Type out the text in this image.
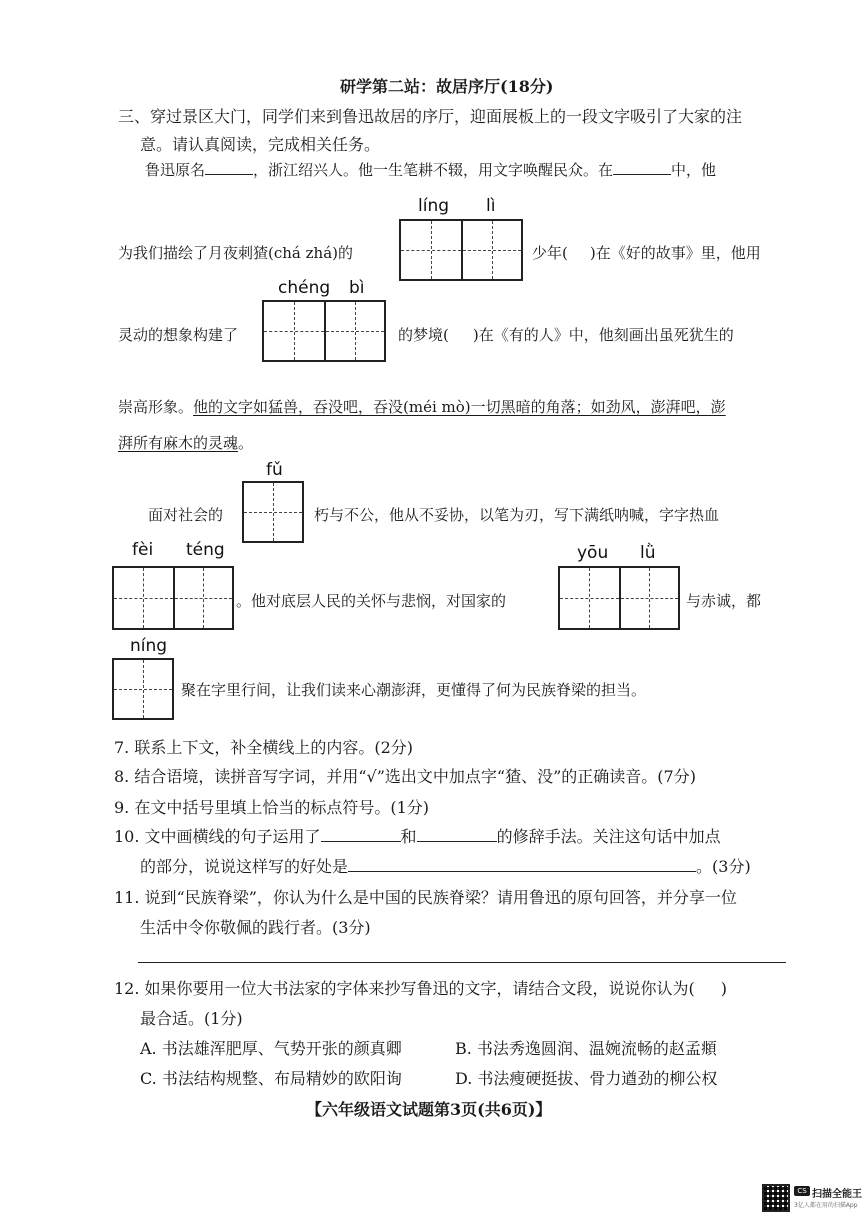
研学第二站：故居序厅(18分)
三、穿过景区大门，同学们来到鲁迅故居的序厅，迎面展板上的一段文字吸引了大家的注
意。请认真阅读，完成相关任务。
鲁迅原名	，浙江绍兴人。他一生笔耕不辍，用文字唤醒民众。在	中，他
líng lì
为我们描绘了月夜刺猹(chá zhá)的	少年( )在《好的故事》里，他用
chéng bì
灵动的想象构建了	的梦境( )在《有的人》中，他刻画出虽死犹生的
崇高形象。他的文字如猛兽，吞没吧，吞没(méi mò)一切黑暗的角落；如劲风，澎湃吧，澎
湃所有麻木的灵魂。
fǔ
面对社会的	朽与不公，他从不妥协，以笔为刃，写下满纸呐喊，字字热血
fèi téng	yōu lǜ
。他对底层人民的关怀与悲悯，对国家的	与赤诚，都
níng
聚在字里行间，让我们读来心潮澎湃，更懂得了何为民族脊梁的担当。
7. 联系上下文，补全横线上的内容。(2分)
8. 结合语境，读拼音写字词，并用“√”选出文中加点字“猹、没”的正确读音。(7分)
9. 在文中括号里填上恰当的标点符号。(1分)
10. 文中画横线的句子运用了	和	的修辞手法。关注这句话中加点
的部分，说说这样写的好处是	。(3分)
11. 说到“民族脊梁”，你认为什么是中国的民族脊梁？请用鲁迅的原句回答，并分享一位
生活中令你敬佩的践行者。(3分)
12. 如果你要用一位大书法家的字体来抄写鲁迅的文字，请结合文段，说说你认为( )
最合适。(1分)
A. 书法雄浑肥厚、气势开张的颜真卿	B. 书法秀逸圆润、温婉流畅的赵孟頫
C. 书法结构规整、布局精妙的欧阳询	D. 书法瘦硬挺拔、骨力遒劲的柳公权
【六年级语文试题第3页(共6页)】
CS 扫描全能王
3亿人都在用的扫描App
